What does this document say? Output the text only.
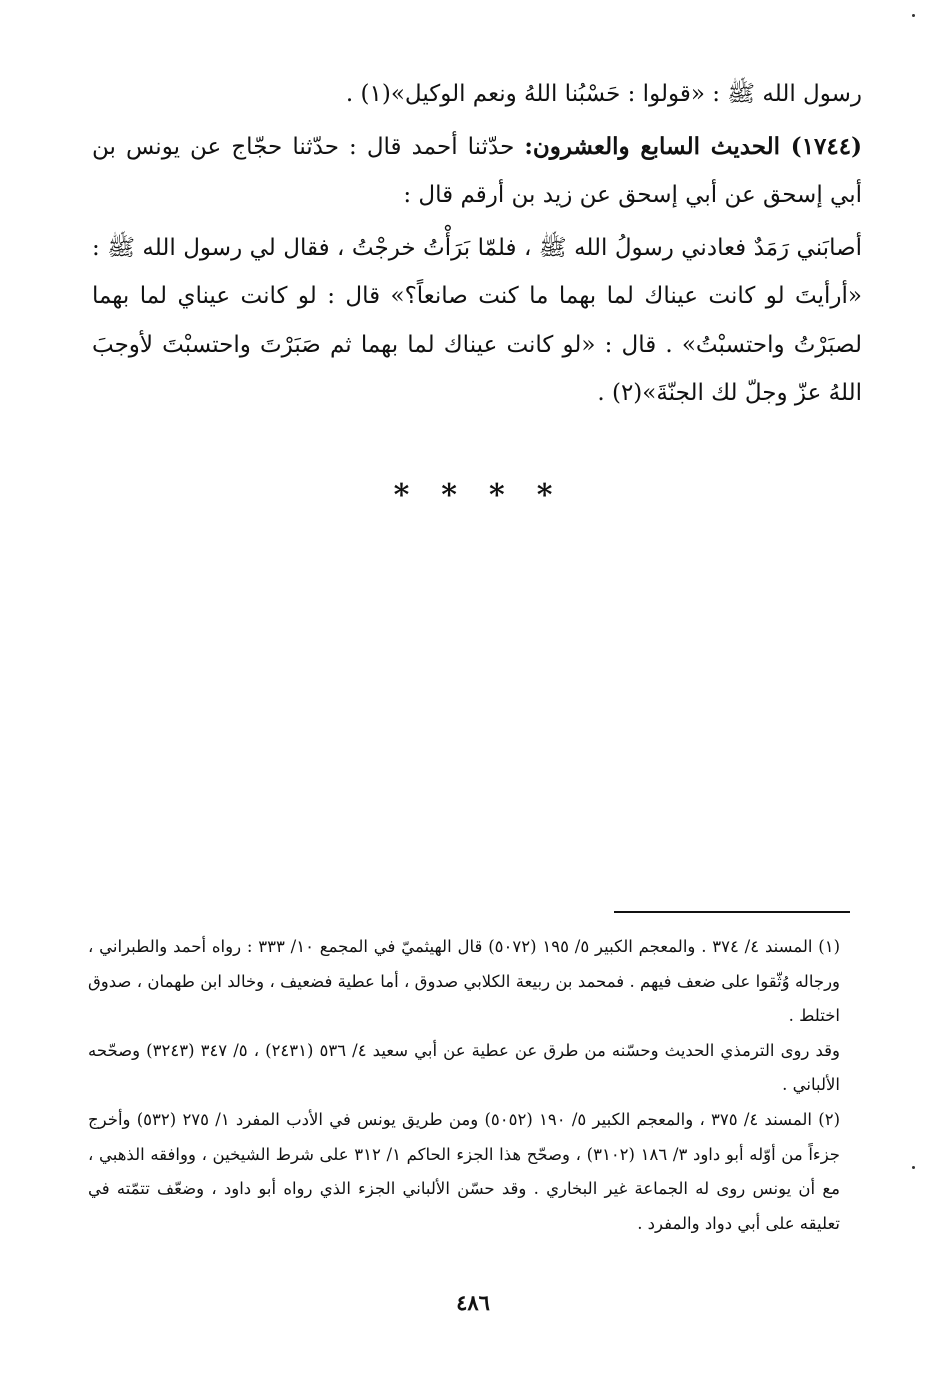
رسول الله ﷺ : «قولوا : حَسْبُنا اللهُ ونعم الوكيل»(١) .

(١٧٤٤) الحديث السابع والعشرون: حدّثنا أحمد قال : حدّثنا حجّاج عن يونس بن أبي إسحق عن أبي إسحق عن زيد بن أرقم قال :

أصابَني رَمَدٌ فعادني رسولُ الله ﷺ ، فلمّا بَرَأْتُ خرجْتُ ، فقال لي رسول الله ﷺ : «أرأيتَ لو كانت عيناك لما بهما ما كنت صانعاً؟» قال : لو كانت عيناي لما بهما لصبَرْتُ واحتسبْتُ» . قال : «لو كانت عيناك لما بهما ثم صَبَرْتَ واحتسبْتَ لأوجبَ اللهُ عزّ وجلّ لك الجنّةَ»(٢) .

* * * *

(١) المسند ٤/ ٣٧٤ . والمعجم الكبير ٥/ ١٩٥ (٥٠٧٢) قال الهيثميّ في المجمع ١٠/ ٣٣٣ : رواه أحمد والطبراني ، ورجاله وُثّقوا على ضعف فيهم . فمحمد بن ربيعة الكلابي صدوق ، أما عطية فضعيف ، وخالد ابن طهمان ، صدوق اختلط .

وقد روى الترمذي الحديث وحسّنه من طرق عن عطية عن أبي سعيد ٤/ ٥٣٦ (٢٤٣١) ، ٥/ ٣٤٧ (٣٢٤٣) وصحّحه الألباني .

(٢) المسند ٤/ ٣٧٥ ، والمعجم الكبير ٥/ ١٩٠ (٥٠٥٢) ومن طريق يونس في الأدب المفرد ١/ ٢٧٥ (٥٣٢) وأخرج جزءاً من أوّله أبو داود ٣/ ١٨٦ (٣١٠٢) ، وصحّح هذا الجزء الحاكم ١/ ٣١٢ على شرط الشيخين ، ووافقه الذهبي ، مع أن يونس روى له الجماعة غير البخاري . وقد حسّن الألباني الجزء الذي رواه أبو داود ، وضعّف تتمّته في تعليقه على أبي دواد والمفرد .

٤٨٦
